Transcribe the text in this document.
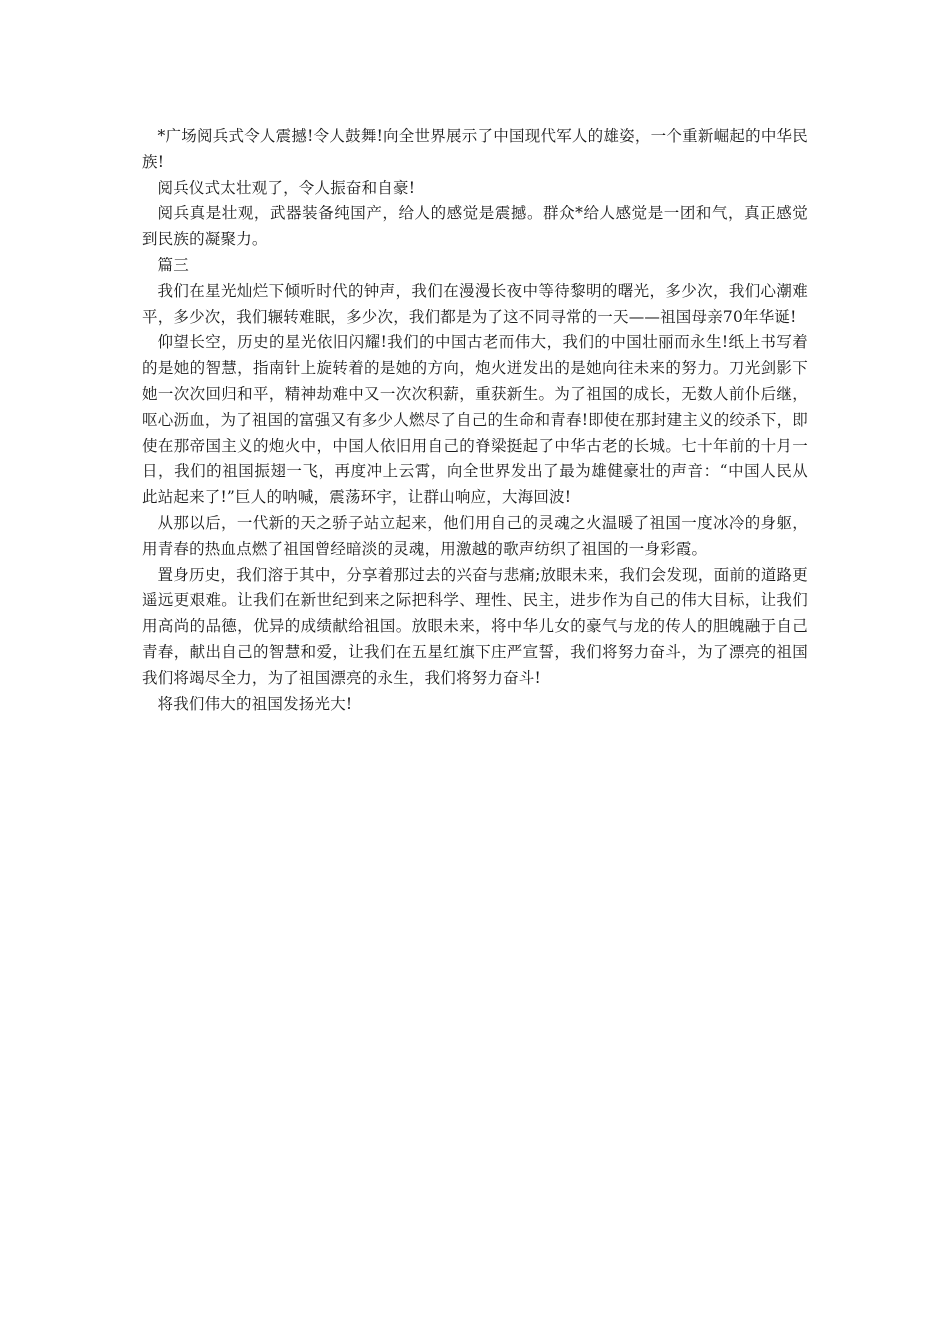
*广场阅兵式令人震撼!令人鼓舞!向全世界展示了中国现代军人的雄姿，一个重新崛起的中华民族!

阅兵仪式太壮观了，令人振奋和自豪!

阅兵真是壮观，武器装备纯国产，给人的感觉是震撼。群众*给人感觉是一团和气，真正感觉到民族的凝聚力。

篇三

我们在星光灿烂下倾听时代的钟声，我们在漫漫长夜中等待黎明的曙光，多少次，我们心潮难平，多少次，我们辗转难眠，多少次，我们都是为了这不同寻常的一天——祖国母亲70年华诞!

仰望长空，历史的星光依旧闪耀!我们的中国古老而伟大，我们的中国壮丽而永生!纸上书写着的是她的智慧，指南针上旋转着的是她的方向，炮火迸发出的是她向往未来的努力。刀光剑影下她一次次回归和平，精神劫难中又一次次积薪，重获新生。为了祖国的成长，无数人前仆后继，呕心沥血，为了祖国的富强又有多少人燃尽了自己的生命和青春!即使在那封建主义的绞杀下，即使在那帝国主义的炮火中，中国人依旧用自己的脊梁挺起了中华古老的长城。七十年前的十月一日，我们的祖国振翅一飞，再度冲上云霄，向全世界发出了最为雄健豪壮的声音：“中国人民从此站起来了!”巨人的呐喊，震荡环宇，让群山响应，大海回波!

从那以后，一代新的天之骄子站立起来，他们用自己的灵魂之火温暖了祖国一度冰冷的身躯，用青春的热血点燃了祖国曾经暗淡的灵魂，用激越的歌声纺织了祖国的一身彩霞。

置身历史，我们溶于其中，分享着那过去的兴奋与悲痛;放眼未来，我们会发现，面前的道路更遥远更艰难。让我们在新世纪到来之际把科学、理性、民主，进步作为自己的伟大目标，让我们用高尚的品德，优异的成绩献给祖国。放眼未来，将中华儿女的豪气与龙的传人的胆魄融于自己青春，献出自己的智慧和爱，让我们在五星红旗下庄严宣誓，我们将努力奋斗，为了漂亮的祖国我们将竭尽全力，为了祖国漂亮的永生，我们将努力奋斗!

将我们伟大的祖国发扬光大!
